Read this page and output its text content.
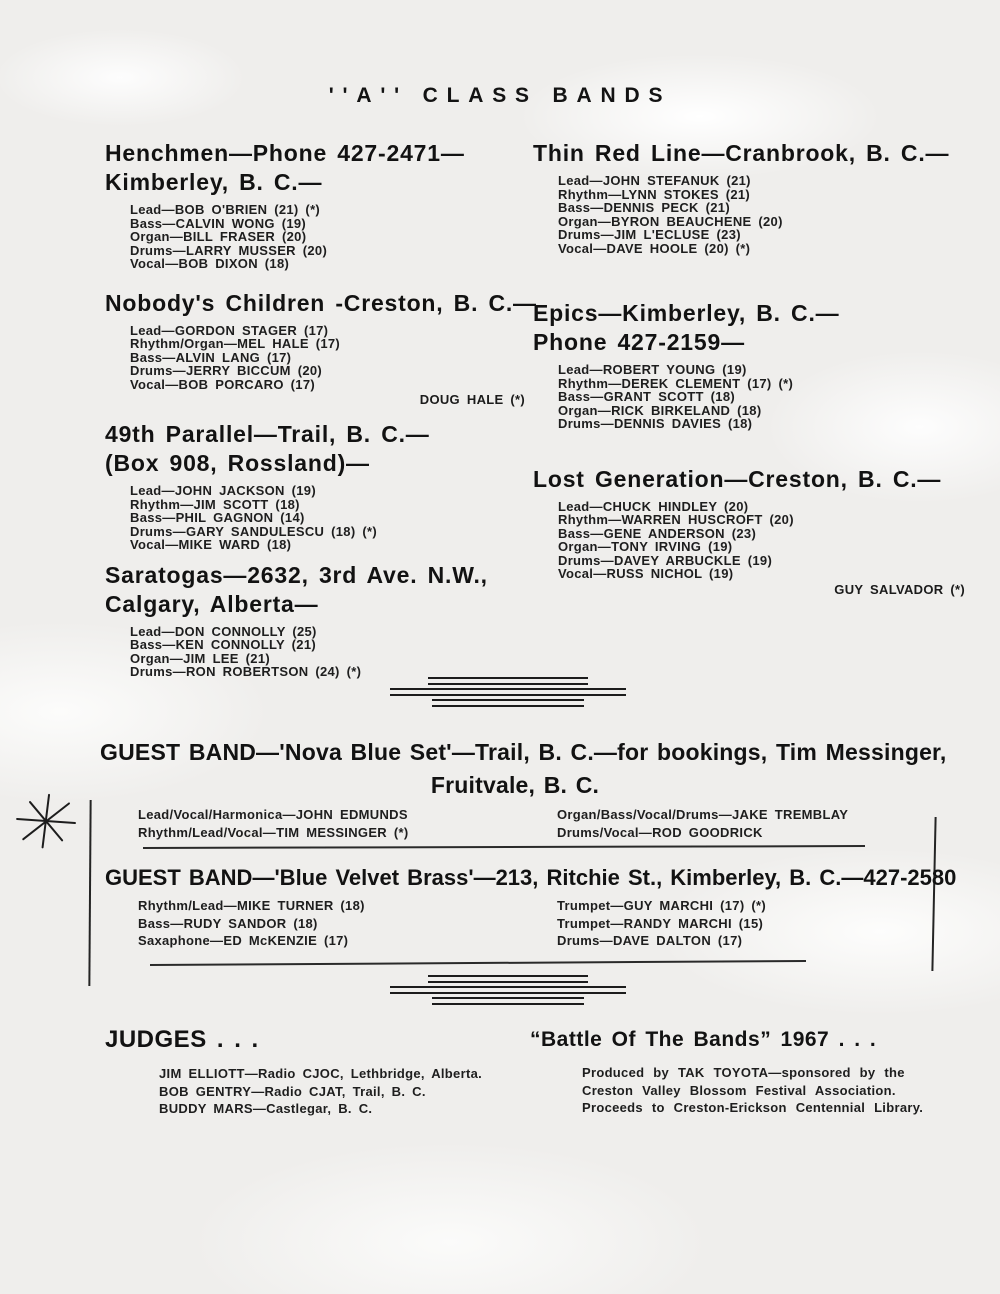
''A'' CLASS BANDS
Henchmen—Phone 427-2471—
Kimberley, B. C.—
Lead—BOB O'BRIEN (21) (*)
Bass—CALVIN WONG (19)
Organ—BILL FRASER (20)
Drums—LARRY MUSSER (20)
Vocal—BOB DIXON (18)
Nobody's Children -Creston, B. C.—
Lead—GORDON STAGER (17)
Rhythm/Organ—MEL HALE (17)
Bass—ALVIN LANG (17)
Drums—JERRY BICCUM (20)
Vocal—BOB PORCARO (17)
DOUG HALE (*)
49th Parallel—Trail, B. C.—
(Box 908, Rossland)—
Lead—JOHN JACKSON (19)
Rhythm—JIM SCOTT (18)
Bass—PHIL GAGNON (14)
Drums—GARY SANDULESCU (18) (*)
Vocal—MIKE WARD (18)
Saratogas—2632, 3rd Ave. N.W.,
Calgary, Alberta—
Lead—DON CONNOLLY (25)
Bass—KEN CONNOLLY (21)
Organ—JIM LEE (21)
Drums—RON ROBERTSON (24) (*)
Thin Red Line—Cranbrook, B. C.—
Lead—JOHN STEFANUK (21)
Rhythm—LYNN STOKES (21)
Bass—DENNIS PECK (21)
Organ—BYRON BEAUCHENE (20)
Drums—JIM L'ECLUSE (23)
Vocal—DAVE HOOLE (20) (*)
Epics—Kimberley, B. C.—
Phone 427-2159—
Lead—ROBERT YOUNG (19)
Rhythm—DEREK CLEMENT (17) (*)
Bass—GRANT SCOTT (18)
Organ—RICK BIRKELAND (18)
Drums—DENNIS DAVIES (18)
Lost Generation—Creston, B. C.—
Lead—CHUCK HINDLEY (20)
Rhythm—WARREN HUSCROFT (20)
Bass—GENE ANDERSON (23)
Organ—TONY IRVING (19)
Drums—DAVEY ARBUCKLE (19)
Vocal—RUSS NICHOL (19)
GUY SALVADOR (*)
GUEST BAND—'Nova Blue Set'—Trail, B. C.—for bookings, Tim Messinger,
Fruitvale, B. C.
Lead/Vocal/Harmonica—JOHN EDMUNDS
Rhythm/Lead/Vocal—TIM MESSINGER (*)
Organ/Bass/Vocal/Drums—JAKE TREMBLAY
Drums/Vocal—ROD GOODRICK
GUEST BAND—'Blue Velvet Brass'—213, Ritchie St., Kimberley, B. C.—427-2580
Rhythm/Lead—MIKE TURNER (18)
Bass—RUDY SANDOR (18)
Saxaphone—ED McKENZIE (17)
Trumpet—GUY MARCHI (17) (*)
Trumpet—RANDY MARCHI (15)
Drums—DAVE DALTON (17)
JUDGES . . .
JIM ELLIOTT—Radio CJOC, Lethbridge, Alberta.
BOB GENTRY—Radio CJAT, Trail, B. C.
BUDDY MARS—Castlegar, B. C.
“Battle Of The Bands” 1967 . . .
Produced by TAK TOYOTA—sponsored by the
Creston Valley Blossom Festival Association.
Proceeds to Creston-Erickson Centennial Library.
